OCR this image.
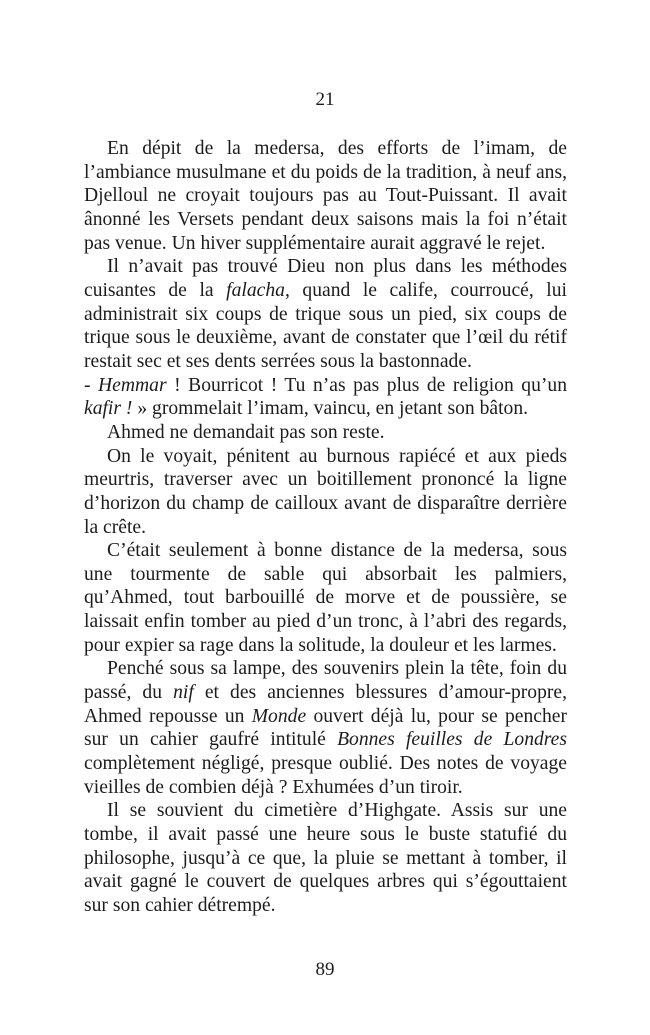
21

En dépit de la medersa, des efforts de l’imam, de l’ambiance musulmane et du poids de la tradition, à neuf ans, Djelloul ne croyait toujours pas au Tout-Puissant. Il avait ânonné les Versets pendant deux saisons mais la foi n’était pas venue. Un hiver supplémentaire aurait aggravé le rejet.

Il n’avait pas trouvé Dieu non plus dans les méthodes cuisantes de la falacha, quand le calife, courroucé, lui administrait six coups de trique sous un pied, six coups de trique sous le deuxième, avant de constater que l’œil du rétif restait sec et ses dents serrées sous la bastonnade.

- Hemmar ! Bourricot ! Tu n’as pas plus de religion qu’un kafir ! » grommelait l’imam, vaincu, en jetant son bâton.

Ahmed ne demandait pas son reste.

On le voyait, pénitent au burnous rapiécé et aux pieds meurtris, traverser avec un boitillement prononcé la ligne d’horizon du champ de cailloux avant de disparaître derrière la crête.

C’était seulement à bonne distance de la medersa, sous une tourmente de sable qui absorbait les palmiers, qu’Ahmed, tout barbouillé de morve et de poussière, se laissait enfin tomber au pied d’un tronc, à l’abri des regards, pour expier sa rage dans la solitude, la douleur et les larmes.

Penché sous sa lampe, des souvenirs plein la tête, foin du passé, du nif et des anciennes blessures d’amour-propre, Ahmed repousse un Monde ouvert déjà lu, pour se pencher sur un cahier gaufré intitulé Bonnes feuilles de Londres complètement négligé, presque oublié. Des notes de voyage vieilles de combien déjà ? Exhumées d’un tiroir.

Il se souvient du cimetière d’Highgate. Assis sur une tombe, il avait passé une heure sous le buste statufié du philosophe, jusqu’à ce que, la pluie se mettant à tomber, il avait gagné le couvert de quelques arbres qui s’égouttaient sur son cahier détrempé.

89
